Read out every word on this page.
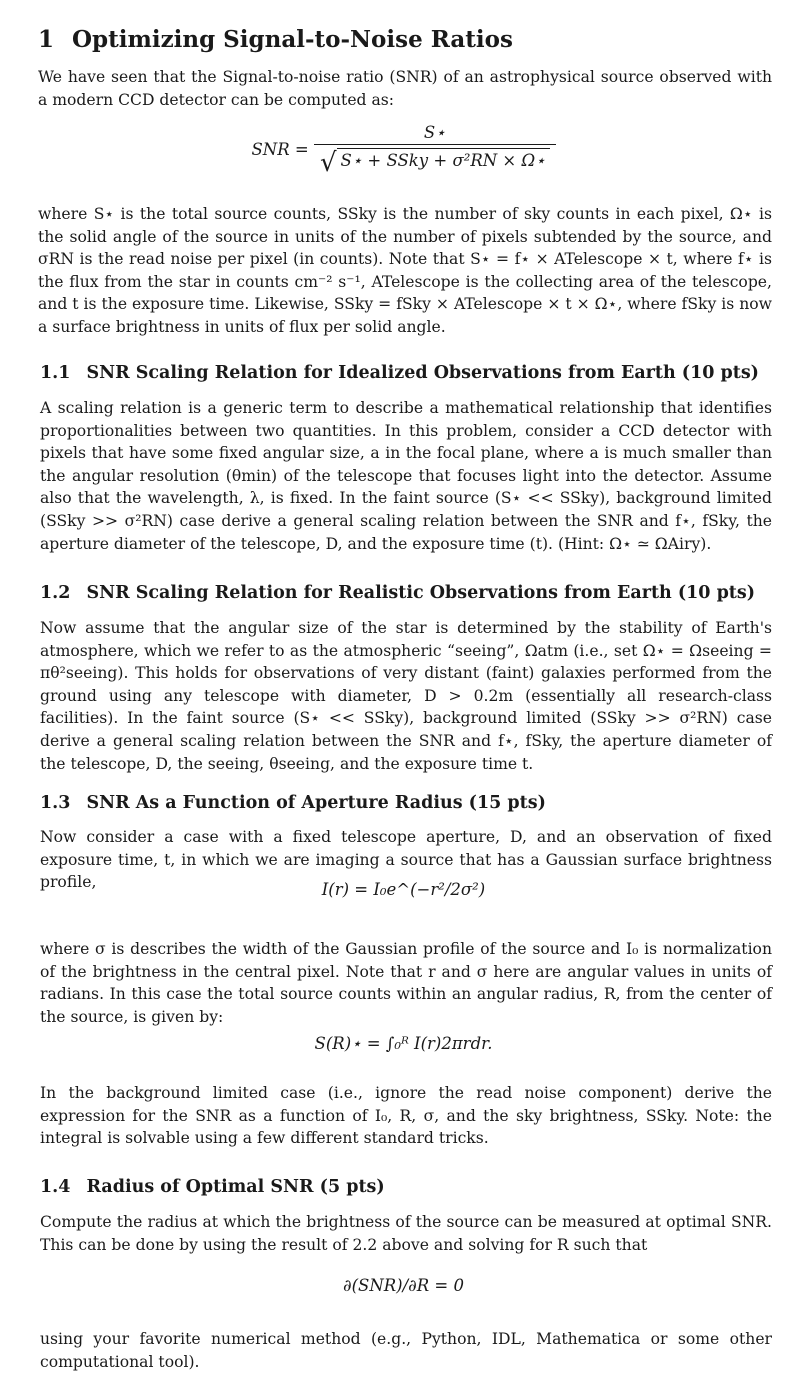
1 Optimizing Signal-to-Noise Ratios

We have seen that the Signal-to-noise ratio (SNR) of an astrophysical source observed with a modern CCD detector can be computed as:

SNR = $\frac{S⋆}{\text{√ S⋆ + SSky + σ²RN × Ω⋆}}$

where S⋆ is the total source counts, SSky is the number of sky counts in each pixel, Ω⋆ is the solid angle of the source in units of the number of pixels subtended by the source, and σRN is the read noise per pixel (in counts). Note that S⋆ = f⋆ × ATelescope × t, where f⋆ is the flux from the star in counts cm⁻² s⁻¹, ATelescope is the collecting area of the telescope, and t is the exposure time. Likewise, SSky = fSky × ATelescope × t × Ω⋆, where fSky is now a surface brightness in units of flux per solid angle.

1.1 SNR Scaling Relation for Idealized Observations from Earth (10 pts)

A scaling relation is a generic term to describe a mathematical relationship that identifies proportionalities between two quantities. In this problem, consider a CCD detector with pixels that have some fixed angular size, a in the focal plane, where a is much smaller than the angular resolution (θmin) of the telescope that focuses light into the detector. Assume also that the wavelength, λ, is fixed. In the faint source (S⋆ << SSky), background limited (SSky >> σ²RN) case derive a general scaling relation between the SNR and f⋆, fSky, the aperture diameter of the telescope, D, and the exposure time (t). (Hint: Ω⋆ ≃ ΩAiry).

1.2 SNR Scaling Relation for Realistic Observations from Earth (10 pts)

Now assume that the angular size of the star is determined by the stability of Earth's atmosphere, which we refer to as the atmospheric “seeing”, Ωatm (i.e., set Ω⋆ = Ωseeing = πθ²seeing). This holds for observations of very distant (faint) galaxies performed from the ground using any telescope with diameter, D > 0.2m (essentially all research-class facilities). In the faint source (S⋆ << SSky), background limited (SSky >> σ²RN) case derive a general scaling relation between the SNR and f⋆, fSky, the aperture diameter of the telescope, D, the seeing, θseeing, and the exposure time t.

1.3 SNR As a Function of Aperture Radius (15 pts)

Now consider a case with a fixed telescope aperture, D, and an observation of fixed exposure time, t, in which we are imaging a source that has a Gaussian surface brightness profile,	I(r) = I₀e^(−r²/2σ²)

where σ is describes the width of the Gaussian profile of the source and I₀ is normalization of the brightness in the central pixel. Note that r and σ here are angular values in units of radians. In this case the total source counts within an angular radius, R, from the center of the source, is given by:

S(R)⋆ = ∫₀ᴿ I(r)2πrdr.

In the background limited case (i.e., ignore the read noise component) derive the expression for the SNR as a function of I₀, R, σ, and the sky brightness, SSky. Note: the integral is solvable using a few different standard tricks.

1.4 Radius of Optimal SNR (5 pts)

Compute the radius at which the brightness of the source can be measured at optimal SNR. This can be done by using the result of 2.2 above and solving for R such that

∂(SNR)/∂R = 0

using your favorite numerical method (e.g., Python, IDL, Mathematica or some other computational tool).
